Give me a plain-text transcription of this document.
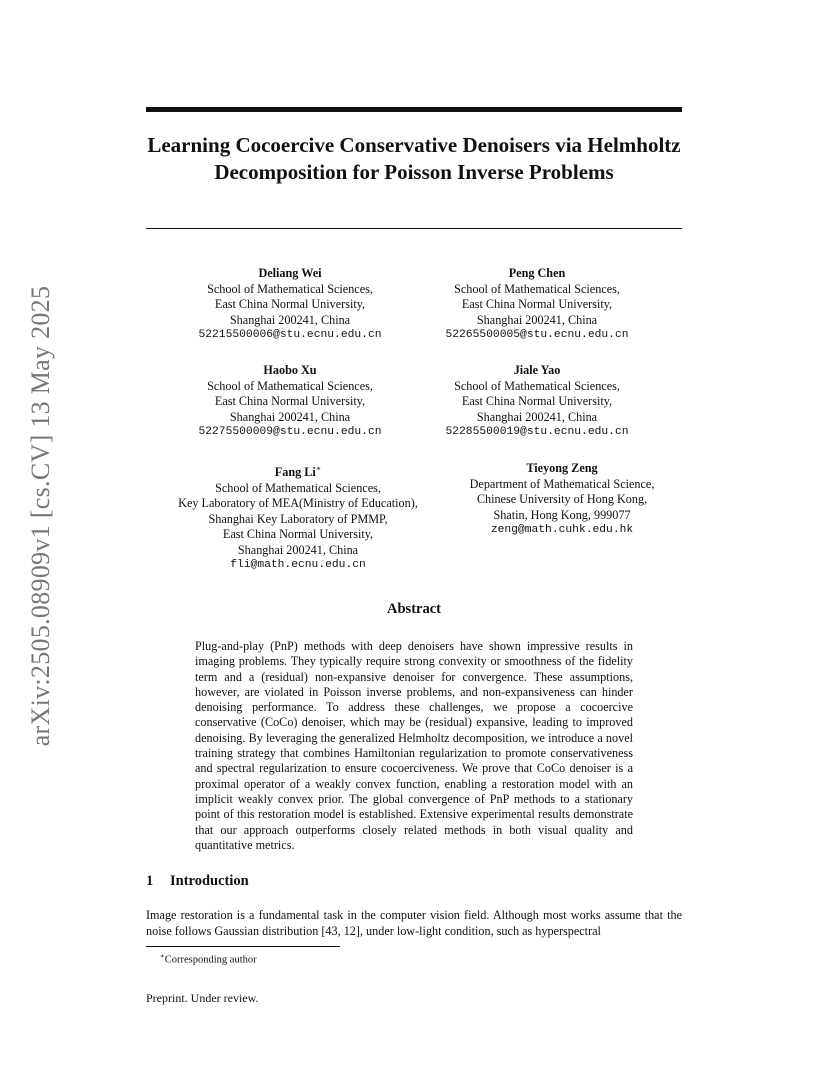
arXiv:2505.08909v1 [cs.CV] 13 May 2025
Learning Cocoercive Conservative Denoisers via Helmholtz Decomposition for Poisson Inverse Problems
Deliang Wei
School of Mathematical Sciences,
East China Normal University,
Shanghai 200241, China
52215500006@stu.ecnu.edu.cn
Peng Chen
School of Mathematical Sciences,
East China Normal University,
Shanghai 200241, China
52265500005@stu.ecnu.edu.cn
Haobo Xu
School of Mathematical Sciences,
East China Normal University,
Shanghai 200241, China
52275500009@stu.ecnu.edu.cn
Jiale Yao
School of Mathematical Sciences,
East China Normal University,
Shanghai 200241, China
52285500019@stu.ecnu.edu.cn
Fang Li∗
School of Mathematical Sciences,
Key Laboratory of MEA(Ministry of Education),
Shanghai Key Laboratory of PMMP,
East China Normal University,
Shanghai 200241, China
fli@math.ecnu.edu.cn
Tieyong Zeng
Department of Mathematical Science,
Chinese University of Hong Kong,
Shatin, Hong Kong, 999077
zeng@math.cuhk.edu.hk
Abstract

Plug-and-play (PnP) methods with deep denoisers have shown impressive results in imaging problems. They typically require strong convexity or smoothness of the fidelity term and a (residual) non-expansive denoiser for convergence. These assumptions, however, are violated in Poisson inverse problems, and non-expansiveness can hinder denoising performance. To address these challenges, we propose a cocoercive conservative (CoCo) denoiser, which may be (residual) expansive, leading to improved denoising. By leveraging the generalized Helmholtz decomposition, we introduce a novel training strategy that combines Hamiltonian regularization to promote conservativeness and spectral regularization to ensure cocoerciveness. We prove that CoCo denoiser is a proximal operator of a weakly convex function, enabling a restoration model with an implicit weakly convex prior. The global convergence of PnP methods to a stationary point of this restoration model is established. Extensive experimental results demonstrate that our approach outperforms closely related methods in both visual quality and quantitative metrics.

1 Introduction

Image restoration is a fundamental task in the computer vision field. Although most works assume that the noise follows Gaussian distribution [43, 12], under low-light condition, such as hyperspectral

∗Corresponding author
Preprint. Under review.
